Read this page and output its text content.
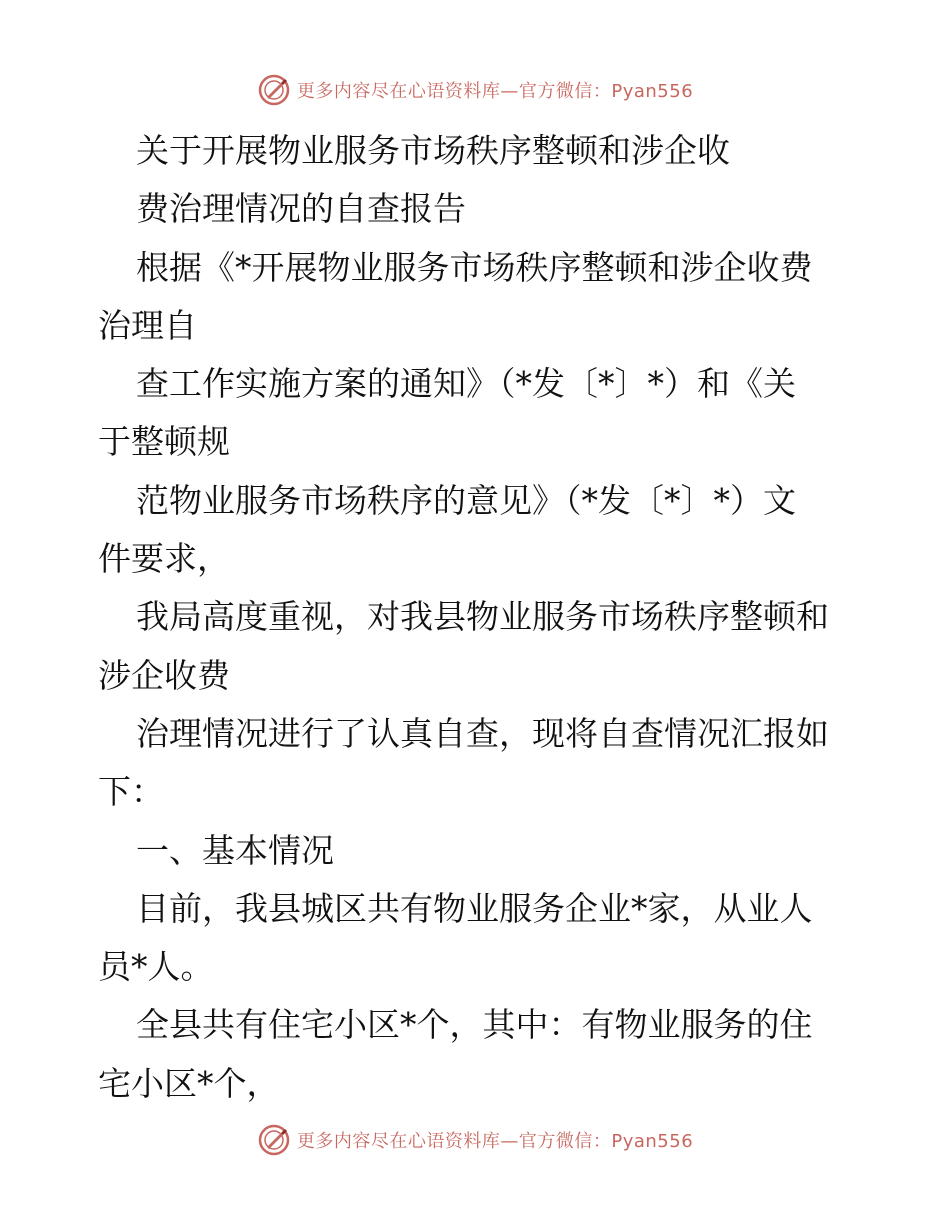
更多内容尽在心语资料库—官方微信：Pyan556
关于开展物业服务市场秩序整顿和涉企收
费治理情况的自查报告
根据《*开展物业服务市场秩序整顿和涉企收费
治理自
查工作实施方案的通知》（*发〔*〕*）和《关
于整顿规
范物业服务市场秩序的意见》（*发〔*〕*）文
件要求，
我局高度重视，对我县物业服务市场秩序整顿和
涉企收费
治理情况进行了认真自查，现将自查情况汇报如
下：
一、基本情况
目前，我县城区共有物业服务企业*家，从业人
员*人。
全县共有住宅小区*个，其中：有物业服务的住
宅小区*个，
更多内容尽在心语资料库—官方微信：Pyan556
